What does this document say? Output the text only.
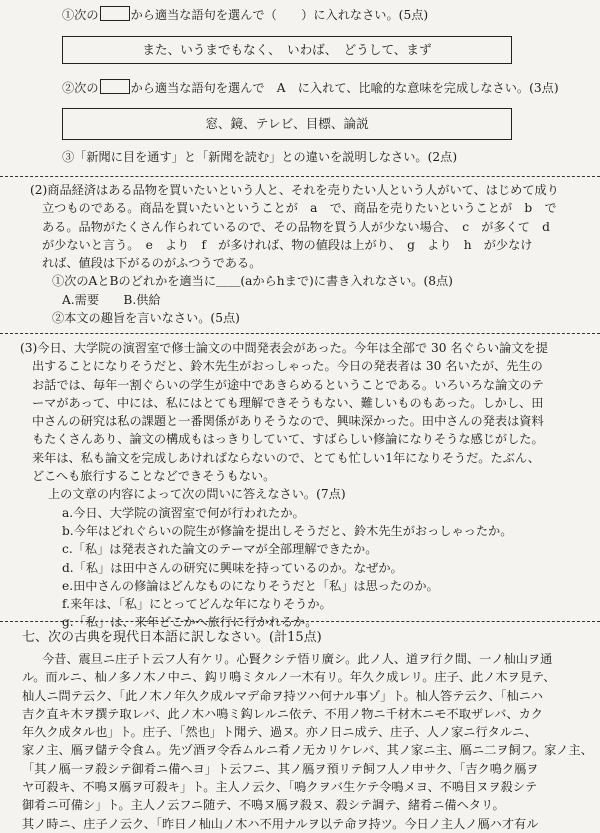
①次の	から適当な語句を選んで（　　）に入れなさい。(5点)
また、いうまでもなく、　いわば、　どうして、まず
②次の	から適当な語句を選んで　A　に入れて、比喩的な意味を完成しなさい。(3点)
窓、鏡、テレビ、目標、論説
③「新聞に目を通す」と「新聞を読む」との違いを説明しなさい。(2点)
(2)商品経済はある品物を買いたいという人と、それを売りたい人という人がいて、はじめて成り
立つものである。商品を買いたいということが　a　で、商品を売りたいということが　b　で
ある。品物がたくさん作られているので、その品物を買う人が少ない場合、　c　が多くて　d
が少ないと言う。　e　より　f　が多ければ、物の値段は上がり、　g　より　h　が少なけ
れば、値段は下がるのがふつうである。
①次のAとBのどれかを適当に＿＿(aからhまで)に書き入れなさい。(8点)
A.需要　　B.供給
②本文の趣旨を言いなさい。(5点)
(3)今日、大学院の演習室で修士論文の中間発表会があった。今年は全部で 30 名ぐらい論文を提
出することになりそうだと、鈴木先生がおっしゃった。今日の発表者は 30 名いたが、先生の
お話では、毎年一割ぐらいの学生が途中であきらめるということである。いろいろな論文のテ
ーマがあって、中には、私にはとても理解できそうもない、難しいものもあった。しかし、田
中さんの研究は私の課題と一番関係がありそうなので、興味深かった。田中さんの発表は資料
もたくさんあり、論文の構成もはっきりしていて、すばらしい修論になりそうな感じがした。
来年は、私も論文を完成しあければならないので、とても忙しい1年になりそうだ。たぶん、
どこへも旅行することなどできそうもない。
上の文章の内容によって次の問いに答えなさい。(7点)
a.今日、大学院の演習室で何が行われたか。
b.今年はどれぐらいの院生が修論を提出しそうだと、鈴木先生がおっしゃったか。
c.「私」は発表された論文のテーマが全部理解できたか。
d.「私」は田中さんの研究に興味を持っているのか。なぜか。
e.田中さんの修論はどんなものになりそうだと「私」は思ったのか。
f.来年は、「私」にとってどんな年になりそうか。
g.「私」は、来年どこかへ旅行に行かれるか。
七、次の古典を現代日本語に訳しなさい。(計15点)
今昔、震旦ニ庄子ト云フ人有ケリ。心賢クシテ悟リ廣シ。此ノ人、道ヲ行ク間、一ノ杣山ヲ通
ル。而ルニ、杣ノ多ノ木ノ中ニ、鈎リ鳴ミタルノ一木有リ。年久ク成レリ。庄子、此ノ木ヲ見テ、
杣人ニ問テ云ク、「此ノ木ノ年久ク成ルマデ命ヲ持ツハ何ナル事ゾ」ト。杣人答テ云ク、「杣ニハ
吉ク直キ木ヲ撰テ取レバ、此ノ木ハ鳴ミ鈎レルニ依テ、不用ノ物ニ千材木ニモ不取ザレバ、カク
年久ク成タル也」ト。庄子、「然也」ト聞テ、過ヌ。亦ノ日ニ成テ、庄子、人ノ家ニ行タルニ、
家ノ主、鴈ヲ儲テ令食ム。先ヅ酒ヲ令呑ムルニ肴ノ无カリケレバ、其ノ家ニ主、鴈ニ二ヲ飼フ。家ノ主、
「其ノ鴈一ヲ殺シテ御肴ニ備ヘヨ」ト云フニ、其ノ鴈ヲ預リテ飼フ人ノ申サク、「吉ク鳴ク鴈ヲ
ヤ可殺キ、不鳴ヌ鴈ヲ可殺キ」ト。主人ノ云ク、「鳴クヲバ生ケテ令鳴メヨ、不鳴目ヌヲ殺シテ
御肴ニ可備シ」ト。主人ノ云フニ随テ、不鳴ヌ鴈ヲ殺ヌ、殺シテ調テ、緒肴ニ備ヘタリ。
其ノ時ニ、庄子ノ云ク、「昨日ノ杣山ノ木ハ不用ナルヲ以テ命ヲ持ツ。今日ノ主人ノ鴈ハ才有ル
